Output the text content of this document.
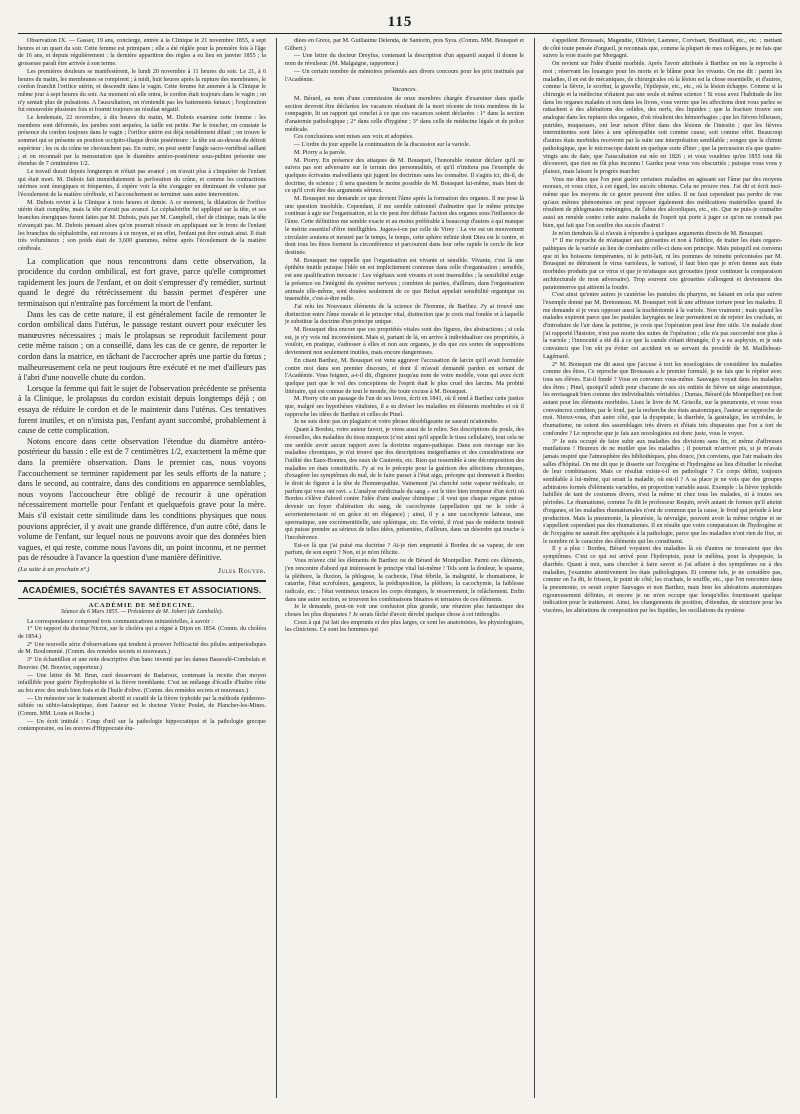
115

Observation IX. — Gasser, 19 ans, concierge, entrée à la Clinique le 21 novembre 1855, à sept heures et un quart du soir. Cette femme est primipare ; elle a été réglée pour la première fois à l'âge de 16 ans, et depuis régulièrement : la dernière apparition des règles a eu lieu en janvier 1855 ; la grossesse paraît être arrivée à son terme.

Les premières douleurs se manifestèrent, le lundi 20 novembre à 11 heures du soir. Le 21, à 6 heures du matin, les membranes se rompirent ; à midi, huit heures après la rupture des membranes, le cordon franchit l'orifice utérin, et descendit dans le vagin. Cette femme fut amenée à la Clinique le même jour à sept heures du soir. Au moment où elle entra, le cordon était toujours dans le vagin ; on n'y sentait plus de pulsations. A l'auscultation, on n'entendit pas les battements fœtaux ; l'exploration fut renouvelée plusieurs fois et fournit toujours un résultat négatif.

Le lendemain, 22 novembre, à dix heures du matin, M. Dubois examine cette femme : les membres sont déformés, les jambes sont arquées, la taille est petite. Par le toucher, on constate la présence du cordon toujours dans le vagin ; l'orifice utérin est déjà notablement dilaté ; on trouve le sommet qui se présente en position occipito-iliaque droite postérieure : la tête est au-dessus du détroit supérieur ; les os du crâne ne chevauchent pas. En outre, on peut sentir l'angle sacro-vertébral saillant ; et on reconnaît par la mensuration que le diamètre antéro-postérieur sous-pubien présente une étendue de 7 centimètres 1/2.

Le travail durait depuis longtemps et n'était pas avancé ; on n'avait plus à s'inquiéter de l'enfant qui était mort. M. Dubois fait immédiatement la perforation du crâne, et comme les contractions utérines sont énergiques et fréquentes, il espère voir la tête s'engager en diminuant de volume par l'écoulement de la matière cérébrale, et l'accouchement se terminer sans autre intervention.

M. Dubois revint à la Clinique à trois heures et demie. A ce moment, la dilatation de l'orifice utérin était complète, mais la tête n'avait pas avancé. Le céphalotribe fut appliqué sur la tête, et ses branches énergiques furent faites par M. Dubois, puis par M. Campbell, chef de clinique, mais la tête n'avançait pas. M. Dubois pensant alors qu'on pourrait réussir en appliquant sur le tronc de l'enfant les branches du céphalotribe, eut recours à ce moyen, et en effet, l'enfant put être extrait ainsi. Il était très volumineux ; son poids était de 3,600 grammes, même après l'écoulement de la matière cérébrale.

La complication que nous rencontrons dans cette observation, la procidence du cordon ombilical, est fort grave, parce qu'elle compromet rapidement les jours de l'enfant, et on doit s'empresser d'y remédier, surtout quand le degré du rétrécissement du bassin permet d'espérer une terminaison qui n'entraîne pas forcément la mort de l'enfant.

Dans les cas de cette nature, il est généralement facile de remonter le cordon ombilical dans l'utérus, le passage restant ouvert pour exécuter les manœuvres nécessaires ; mais le prolapsus se reproduit facilement pour cette même raison ; on a conseillé, dans les cas de ce genre, de reporter le cordon dans la matrice, en tâchant de l'accrocher après une partie du fœtus ; malheureusement cela ne peut toujours être exécuté et ne met d'ailleurs pas à l'abri d'une nouvelle chute du cordon.

Lorsque la femme qui fait le sujet de l'observation précédente se présenta à la Clinique, le prolapsus du cordon existait depuis longtemps déjà ; on essaya de réduire le cordon et de le maintenir dans l'utérus. Ces tentatives furent inutiles, et on n'insista pas, l'enfant ayant succombé, probablement à cause de cette complication.

Notons encore dans cette observation l'étendue du diamètre antéro-postérieur du bassin : elle est de 7 centimètres 1/2, exactement la même que dans la première observation. Dans le premier cas, nous voyons l'accouchement se terminer rapidement par les seuls efforts de la nature ; dans le second, au contraire, dans des conditions en apparence semblables, nous voyons l'accoucheur être obligé de recourir à une opération nécessairement mortelle pour l'enfant et quelquefois grave pour la mère. Mais s'il existait cette similitude dans les conditions physiques que nous pouvions apprécier, il y avait une grande différence, d'un autre côté, dans le volume de l'enfant, sur lequel nous ne pouvons avoir que des données bien vagues, et qui reste, comme nous l'avons dit, un point inconnu, et ne permet pas de résoudre à l'avance la question d'une manière définitive.

(La suite à un prochain nº.)	Jules Rouyer.
ACADÉMIES, SOCIÉTÉS SAVANTES ET ASSOCIATIONS.
ACADÉMIE DE MÉDECINE.
Séance du 6 Mars 1855. — Présidence de M. Jobert (de Lamballe).

La correspondance comprend trois communications ministérielles, à savoir :

1° Un rapport du docteur Nicrot, sur le choléra qui a régné à Dijon en 1854. (Comm. du choléra de 1854.)

2° Une nouvelle série d'observations qui tendent à prouver l'efficacité des pilules antiperiodiques de M. Boulommié. (Comm. des remèdes secrets et nouveaux.)

3° Un échantillon et une note descriptive d'un banc inventé par les dames Bassoulé-Combelais et Bouvier. (M. Bouvier, rapporteur.)

— Une lettre de M. Brun, curé desservant de Badaroux, contenant la recette d'un moyen infaillible pour guérir l'hydrophobie et la fièvre tremblante. C'est un mélange d'écaille d'huître rôtie au feu avec des œufs bien frais et de l'huile d'olive. (Comm. des remèdes secrets et nouveaux.)

— Un mémoire sur le traitement abortif et curatif de la fièvre typhoïde par la méthode épidermo-stibiée ou stibio-latraleptique, dont l'auteur est le docteur Victor Poulet, de Plancher-les-Mines. (Comm. MM. Louis et Roche.)

— Un écrit intitulé : Coup d'œil sur la pathologie hippocratique et la pathologie grecque contemporaine, ou les œuvres d'Hippocrate étu-

diées en Grèce, par M. Guillaume Delenda, de Santorin, près Syra. (Comm. MM. Bousquet et Gilbert.)

— Une lettre du docteur Dreyfus, contenant la description d'un appareil auquel il donne le nom de révulseur. (M. Malgaigne, rapporteur.)

— Un certain nombre de mémoires présentés aux divers concours pour les prix institués par l'Académie.

Vacances.

M. Bérard, au nom d'une commission de onze membres chargée d'examiner dans quelle section devront être déclarées les vacances résultant de la mort récente de trois membres de la compagnie, lit un rapport qui conclut à ce que ces vacances soient déclarées : 1° dans la section d'anatomie pathologique ; 2° dans celle d'hygiène ; 3° dans celle de médecine légale et de police médicale.

Ces conclusions sont mises aux voix et adoptées.

— L'ordre du jour appelle la continuation de la discussion sur la variole.

M. Piorry a la parole.

M. Piorry. En présence des attaques de M. Bousquet, l'honorable orateur déclare qu'il ne suivra pas son adversaire sur le terrain des personnalités, et qu'il n'imitera pas l'exemple de quelques écrivains malveillants qui jugent les doctrines sans les connaître. Il s'agira ici, dit-il, de doctrine, de science ; il sera question le moins possible de M. Bousquet lui-même, mais bien de ce qu'il croit être des arguments sérieux.

M. Bousquet me demande ce que devient l'âme après la formation des organes. Il me pose là une question insoluble. Cependant, il me semble rationnel d'admettre que le même principe continue à agir sur l'organisation, et la vie peut être définie l'action des organes sous l'influence de l'âme. Cette définition me semble exacte et au moins préférable à beaucoup d'autres à qui manque le mérite essentiel d'être intelligibles. Jugera-t-on par celle de Virey : La vie est un mouvement circulaire soutenu et mesuré par le temps, le temps, cette sphère infinie dont Dieu est le centre, et dont tous les êtres forment la circonférence et parcourent dans leur orbe rapide le cercle de leur destinée.

M. Bousquet me rappelle que l'organisation est vivante et sensible. Vivante, c'est là une épithète inutile puisque l'idée en est implicitement contenue dans celle d'organisation ; sensible, est une qualification inexacte : Les végétaux sont vivants et sont insensibles ; la sensibilité exige la présence ou l'intégrité du système nerveux ; combien de parties, d'ailleurs, dans l'organisation animale elle-même, sont douées seulement de ce que Bichat appelait sensibilité organique ou insensible, c'est-à-dire nulle.

J'ai relu les Nouveaux éléments de la science de l'homme, de Barthez. J'y ai trouvé une distinction entre l'âme morale et le principe vital, distinction que je crois mal fondée et à laquelle je substitue la doctrine d'un principe unique.

M. Bousquet dira encore que ces propriétés vitales sont des figures, des abstractions ; si cela est, je n'y vois nul inconvénient. Mais si, partant de là, on arrive à individualiser ces propriétés, à vouloir, en pratique, s'adresser à elles et non aux organes, je dis que ces sortes de suppositions deviennent non seulement inutiles, mais encore dangereuses.

En citant Barthez, M. Bousquet est venu aggraver l'accusation de larcin qu'il avait formulée contre moi dans son premier discours, et dont il m'avait demandé pardon en sortant de l'Académie. Vous feignez, a-t-il dit, d'ignorer jusqu'au nom de votre modèle, vous qui avez écrit quelque part que le vol des conceptions de l'esprit était le plus cruel des larcins. Ma probité littéraire, qui est connue de tout le monde, ôte toute excuse à M. Bousquet.

M. Piorry cite un passage de l'un de ses livres, écrit en 1841, où il rend à Barthez cette justice que, malgré ses hypothèses vitalistes, il a su diviser les maladies en éléments morbides et où il rapproche les idées de Barthez et celles de Pinel.

Je ne suis donc pas un plagiaire et votre phrase désobligeante ne saurait m'atteindre.

Quant à Bordeu, votre auteur favori, je viens aussi de le relire. Ses descriptions du pouls, des écrouelles, des maladies du tissu muqueux (c'est ainsi qu'il appelle le tissu cellulaire), tout cela ne me semble avoir aucun rapport avec la doctrine organo-pathique. Dans son ouvrage sur les maladies chroniques, je n'ai trouvé que des descriptions insignifiantes et des considérations sur l'utilité des Eaux-Bonnes, des eaux de Cauterets, etc. Rien qui ressemble à une décomposition des maladies en états constitutifs. J'y ai vu le précepte pour la guérison des affections chroniques, d'exagérer les symptômes du mal, de le faire passer à l'état aigu, précepte qui donnerait à Bordeu le droit de figurer à la tête de l'homœopathie. Vainement j'ai cherché cette vapeur médicale, ce parfum qui vous ont ravi. « L'analyse médicinale du sang » est le titre bien trompeur d'un écrit où Bordeu s'élève d'abord contre l'idée d'une analyse chimique ; il veut que chaque organe puisse devenir un foyer d'altération du sang, de cacochymie (appellation qui ne le cède à acrorienterectasie ni en grâce ni en élégance) ; ainsi, il y a une cacochymie laiteuse, une spermatique, une excrémentitielle, une splénique, etc. En vérité, il n'est pas de médecin instruit qui puisse prendre au sérieux de telles idées, présentées, d'ailleurs, dans un désordre qui touche à l'incohérence.

Est-ce là que j'ai puisé ma doctrine ? Ai-je rien emprunté à Bordeu de sa vapeur, de son parfum, de son esprit ? Non, et je m'en félicite.

Vous m'avez cité les éléments de Barthez ou de Bérard de Montpellier. Parmi ces éléments, j'en rencontre d'abord qui intéressent le principe vital lui-même ! Tels sont la douleur, le spasme, la pléthore, la fluxion, la phlogose, la cachexie, l'état fébrile, la malignité, le rhumatisme, le catarrhe, l'état scrofuleux, gangreux, la prédisposition, la pléthore, la cacochymie, la faiblesse radicale, etc. ; l'état venimeux tenaces les corps étrangers, le resserrement, le relâchement. Enfin dans une autre section, se trouvent les combinaisons binaires et ternaires de ces éléments.

Je le demande, peut-on voir une confusion plus grande, une réunion plus fantastique des choses les plus disparates ? Je serais fâché d'avoir dérobé quelque chose à cet imbroglio.

Ceux à qui j'ai fait des emprunts et des plus larges, ce sont les anatomistes, les physiologistes, les cliniciens. Ce sont les hommes qui

s'appellent Broussais, Magendie, Ollivier, Laennec, Corvisart, Bouillaud, etc., etc. ; mettant de côté toute pensée d'orgueil, je reconnais que, comme la plupart de mes collègues, je ne fais que suivre la voie tracée par Morgagni.

On revient sur l'idée d'unité morbide. Après l'avoir attribuée à Barthez on me la reproche à moi ; réservant les louanges pour les morts et le blâme pour les vivants. On me dit : parmi les maladies, il en est de mécaniques, de chirurgicales où la lésion est la chose essentielle, et d'autres, comme la fièvre, le scorbut, la gravelle, l'épilepsie, etc., etc., où la lésion échappe. Comme si la chirurgie et la médecine n'étaient pas une seule et même science ! Si vous avez l'habitude de lire dans les organes malades et non dans les livres, vous verrez que les affections dont vous parlez se rattachent à des altérations des solides, des nerfs, des liquides ; que la fracture trouve son analogue dans les ruptures des organes, d'où résultent des hémorrhagies ; que les fièvres bilieuses, putrides, muqueuses, ont leur raison d'être dans des lésions de l'intestin ; que les fièvres intermittentes sont liées à une splénopathie soit comme cause, soit comme effet. Beaucoup d'autres états morbides recevront par la suite une interprétation semblable ; songez que la chimie pathologique, que le microscope datent en quelque sorte d'hier ; que la percussion n'a que quatre-vingts ans de date, que l'auscultation est née en 1826 ; et vous voudriez qu'en 1855 tout fût découvert, que rien ne fût plus inconnu ! Gardez pour vous vos obscurités ; puisque vous vous y plaisez, mais laissez le progrès marcher.

Vous me dites que l'on peut guérir certaines maladies en agissant sur l'âme par des moyens moraux, et vous citez, à cet égard, les succès obtenus. Cela ne prouve rien. J'ai dit et écrit moi-même que les moyens de ce genre peuvent être utiles. Il ne faut cependant pas perdre de vue qu'aux mêmes phénomènes on peut opposer également des médications matérielles quand ils résultent de phlegmasies méningées, de l'abus des alcooliques, etc., etc. Que ne puis-je connaître aussi un remède contre cette autre maladie de l'esprit qui porte à juger ce qu'on ne connaît pas bien, qui fait que l'on souffre des succès d'autrui !

Je m'en tiendrais là si n'avais à répondre à quelques arguments directs de M. Bousquet.

1° Il me reproche de m'attaquer aux girouettes et non à l'édifice, de traiter les états organo-pathiques de la variole au lieu de combattre celle-ci dans son principe. Mais puisqu'il est convenu que ni les boissons tempérantes, ni le petit-lait, ni les pommes de reinette préconisées par M. Bousquet ne détruisent le virus varioleux, le variosé, il faut bien que je m'en tienne aux états morbides produits par ce virus et que je m'attaque aux girouettes (pour continuer la comparaison architecturale de mon adversaire). Trop souvent ces girouettes s'allongent et deviennent des paratonnerres qui attirent la foudre.

C'est ainsi qu'entre autres je cautérise les pustules du pharynx, ne faisant en cela que suivre l'exemple donné par M. Bretonneau. M. Bousquet voit là une affreuse torture pour les malades. Il me demande si je veux opposer aussi la trachéotomie à la variole. Non vraiment ; mais quand les malades expirent parce que les pustules laryngées ne leur permettent ni de rejeter les crachats, ni d'introduire de l'air dans la poitrine, je crois que l'opération peut leur être utile. Un malade dont j'ai rapporté l'histoire, n'est pas morte des suites de l'opération ; elle n'a pas succombé non plus à la variole ; l'innocuité a été dû à ce que la canule s'étant dérangée, il y a eu asphyxie, et je suis convaincu que l'on eût pu éviter cet accident en se servant du procédé de M. Maillebeau-Lagémard.

2° M. Bousquet me dit aussi que j'accuse à tort les nosologistes de considérer les maladies comme des êtres. Ce reproche que Broussais a le premier formulé, je ne fais que le répéter avec tous ses élèves. Est-il fondé ? Vous en convenez vous-même. Sauvages voyait dans les maladies des êtres ; Pinel, quoiqu'il admît pour chacune de ses six entités de fièvre un siège anatomique, les envisageait bien comme des individualités véritables ; Dumas, Bérard (de Montpellier) en font autant pour les éléments morbides. Lisez le livre de M. Grisolle, sur la pneumonie, et vous vous convaincrez combien, par le fond, par la recherche des états anatomiques, l'auteur se rapproche de moi. Nierez-vous, d'un autre côté, que la dyspepsie, la diarrhée, la gastralgie, les scrofules, le rhumatisme, ne soient des assemblages très divers et d'états très disparates que l'on a tort de confondre ? Le reproche que je fais aux nosologistes est donc juste, vous le voyez.

3° Je suis occupé de faire subir aux maladies des divisions sans fin, et même d'affreuses mutilations ! Heureux de ne mutiler que les maladies ; il pourrait m'arriver pis, si je m'avais jamais respiré que l'atmosphère des bibliothèques, plus douce, j'en conviens, que l'air malsain des salles d'hôpital. On me dit que je disserte sur l'oxygène et l'hydrogène au lieu d'étudier le résultat de leur combinaison. Mais ce résultat existe-t-il en pathologie ? Ce corps défini, toujours semblable à lui-même, qui serait la maladie, où est-il ? A sa place je ne vois que des groupes arbitraires formés d'éléments variables, en proportion variable aussi. Exemple : la fièvre typhoïde habillée de tant de costumes divers, n'est la même ni chez tous les malades, ni à toutes ses périodes. Le rhumatisme, comme l'a dit le professeur Requin, revêt autant de formes qu'il atteint d'organes, et les maladies rhumatismales n'ont de commun que la cause, le froid qui préside à leur production. Mais la pneumonie, la pleurésie, la névralgie, peuvent avoir la même origine et ne s'appellent cependant pas des rhumatismes. Il en résulte que votre comparaison de l'hydrogène et de l'oxygène ne saurait être appliquée à la pathologie, parce que les maladies n'ont rien de fixe, ni le nombre ni le caractère des éléments qui les constituent.

Il y a plus : Bordeu, Bérard voyaient des maladies là où d'autres ne trouvaient que des symptômes. C'est ce qui est arrivé pour l'hydropisie, pour le méléna, pour la dyspepsie, la diarrhée. Quant à moi, sans chercher à faire savoir si j'ai affaire à des symptômes ou à des maladies, j'examine attentivement les états pathologiques. Et comme tels, je ne considère pas, comme on l'a dit, le frisson, le point de côté, les crachats, le souffle, etc., que l'on rencontre dans la pneumonie, ce serait copier Sauvages et non Barthez, mais bien les altérations anatomiques rigoureusement définies, et encore je ne m'en occupe que lorsqu'elles fournissent quelque indication pour le traitement. Ainsi, les changements de position, d'étendue, de structure pour les viscères, les altérations de composition par les liquides, les oscillations du système
